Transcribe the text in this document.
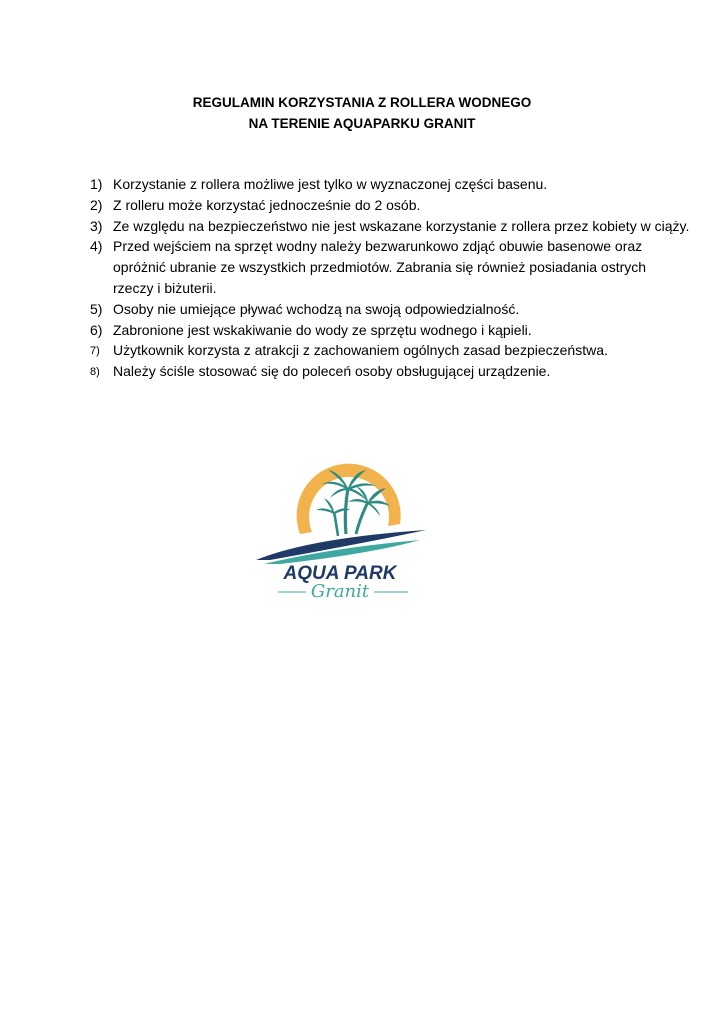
REGULAMIN KORZYSTANIA Z ROLLERA WODNEGO
NA TERENIE AQUAPARKU GRANIT
1) Korzystanie z rollera możliwe jest tylko w wyznaczonej części basenu.
2) Z rolleru może korzystać jednocześnie do 2 osób.
3) Ze względu na bezpieczeństwo nie jest wskazane korzystanie z rollera przez kobiety w ciąży.
4) Przed wejściem na sprzęt wodny należy bezwarunkowo zdjąć obuwie basenowe oraz opróżnić ubranie ze wszystkich przedmiotów. Zabrania się również posiadania ostrych rzeczy i biżuterii.
5) Osoby nie umiejące pływać wchodzą na swoją odpowiedzialność.
6) Zabronione jest wskakiwanie do wody ze sprzętu wodnego i kąpieli.
7) Użytkownik korzysta z atrakcji z zachowaniem ogólnych zasad bezpieczeństwa.
8) Należy ściśle stosować się do poleceń osoby obsługującej urządzenie.
AQUA PARK
Granit
